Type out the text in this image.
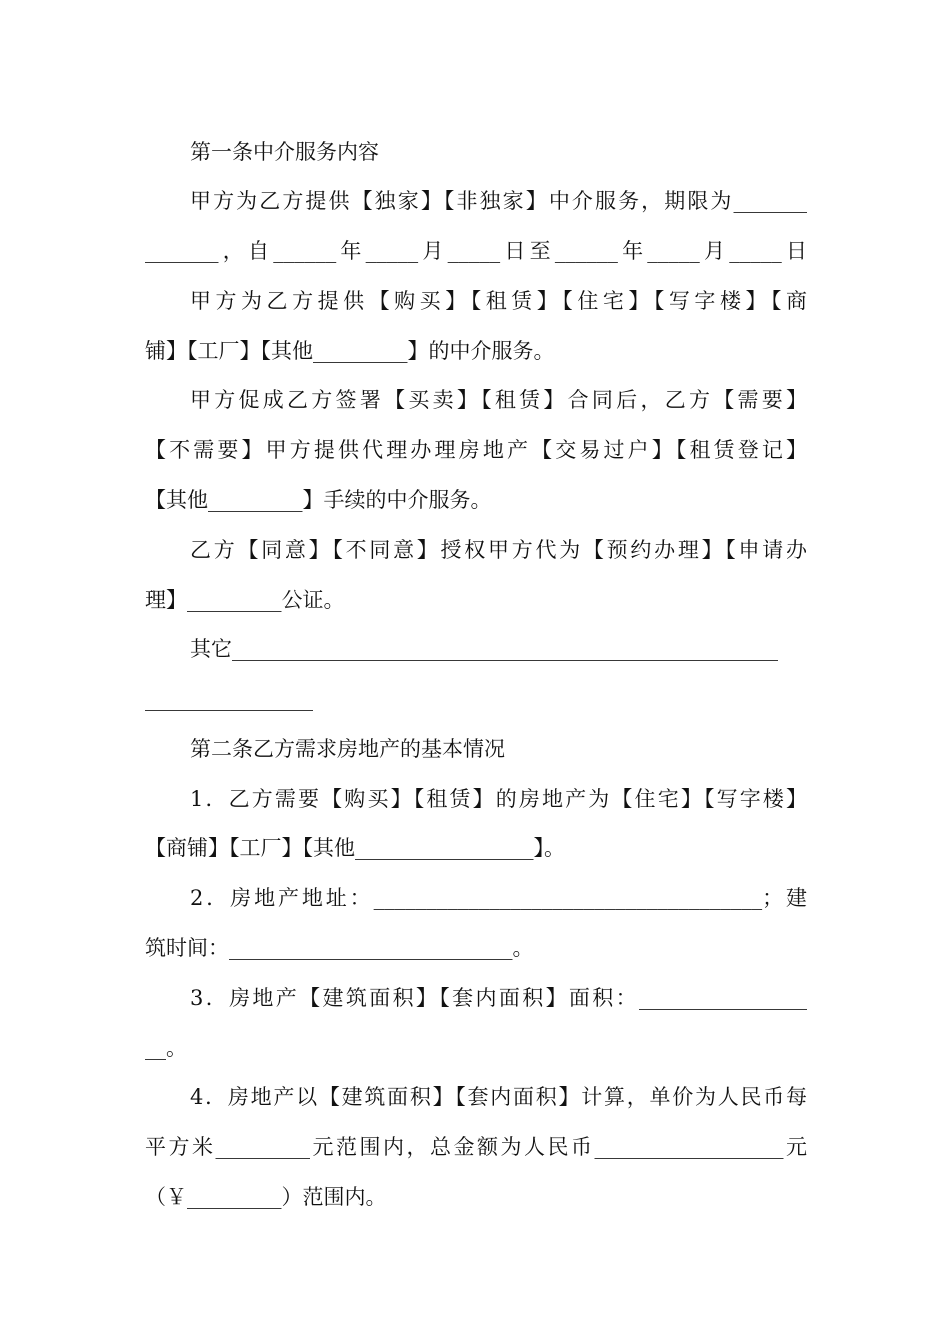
第一条中介服务内容
甲方为乙方提供【独家】【非独家】中介服务，期限为_______
_______，自______年_____月_____日至______年_____月_____日
甲方为乙方提供【购买】【租赁】【住宅】【写字楼】【商
铺】【工厂】【其他_________】的中介服务。
甲方促成乙方签署【买卖】【租赁】合同后，乙方【需要】
【不需要】甲方提供代理办理房地产【交易过户】【租赁登记】
【其他_________】手续的中介服务。
乙方【同意】【不同意】授权甲方代为【预约办理】【申请办
理】_________公证。
其它____________________________________________________
________________
第二条乙方需求房地产的基本情况
1．乙方需要【购买】【租赁】的房地产为【住宅】【写字楼】
【商铺】【工厂】【其他_________________】。
2．房地产地址：_____________________________________；建
筑时间：___________________________。
3．房地产【建筑面积】【套内面积】面积：________________
__。
4．房地产以【建筑面积】【套内面积】计算，单价为人民币每
平方米_________元范围内，总金额为人民币__________________元
（￥_________）范围内。
